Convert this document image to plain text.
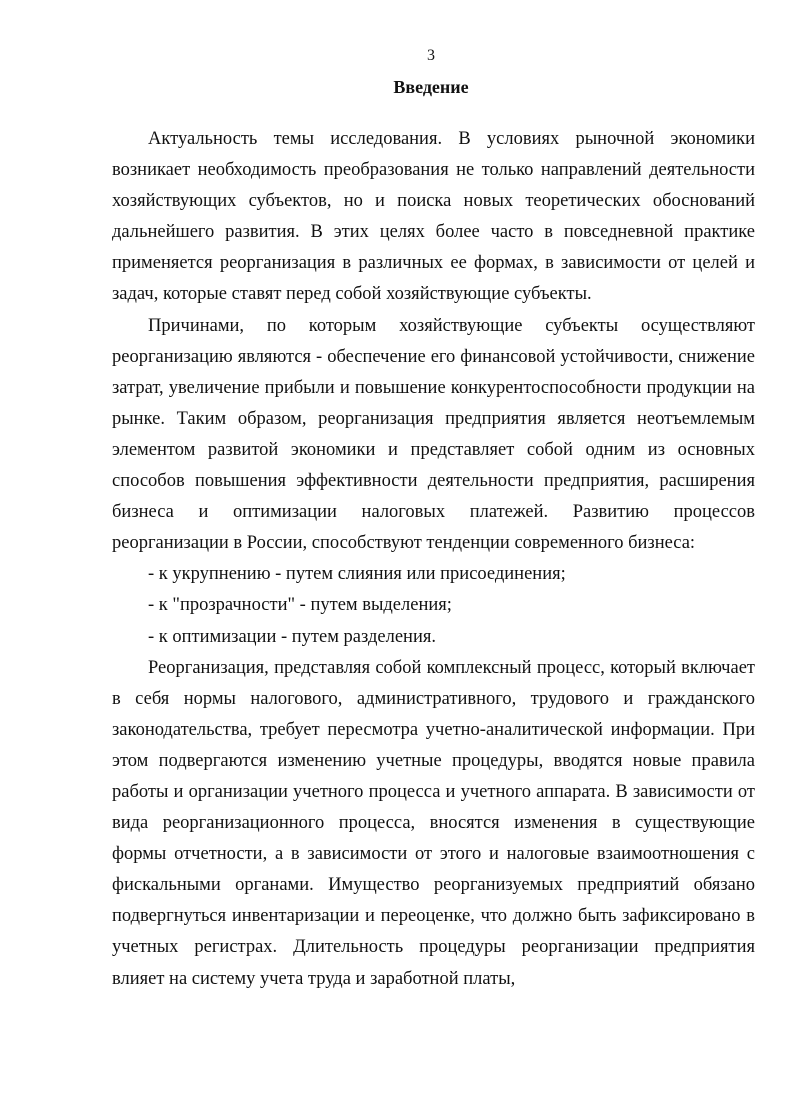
3
Введение

Актуальность темы исследования. В условиях рыночной экономики возникает необходимость преобразования не только направлений деятельности хозяйствующих субъектов, но и поиска новых теоретических обоснований дальнейшего развития. В этих целях более часто в повседневной практике применяется реорганизация в различных ее формах, в зависимости от целей и задач, которые ставят перед собой хозяйствующие субъекты.

Причинами, по которым хозяйствующие субъекты осуществляют реорганизацию являются - обеспечение его финансовой устойчивости, снижение затрат, увеличение прибыли и повышение конкурентоспособности продукции на рынке. Таким образом, реорганизация предприятия является неотъемлемым элементом развитой экономики и представляет собой одним из основных способов повышения эффективности деятельности предприятия, расширения бизнеса и оптимизации налоговых платежей. Развитию процессов реорганизации в России, способствуют тенденции современного бизнеса:

- к укрупнению - путем слияния или присоединения;

- к "прозрачности" - путем выделения;

- к оптимизации - путем разделения.

Реорганизация, представляя собой комплексный процесс, который включает в себя нормы налогового, административного, трудового и гражданского законодательства, требует пересмотра учетно-аналитической информации. При этом подвергаются изменению учетные процедуры, вводятся новые правила работы и организации учетного процесса и учетного аппарата. В зависимости от вида реорганизационного процесса, вносятся изменения в существующие формы отчетности, а в зависимости от этого и налоговые взаимоотношения с фискальными органами. Имущество реорганизуемых предприятий обязано подвергнуться инвентаризации и переоценке, что должно быть зафиксировано в учетных регистрах. Длительность процедуры реорганизации предприятия влияет на систему учета труда и заработной платы,
